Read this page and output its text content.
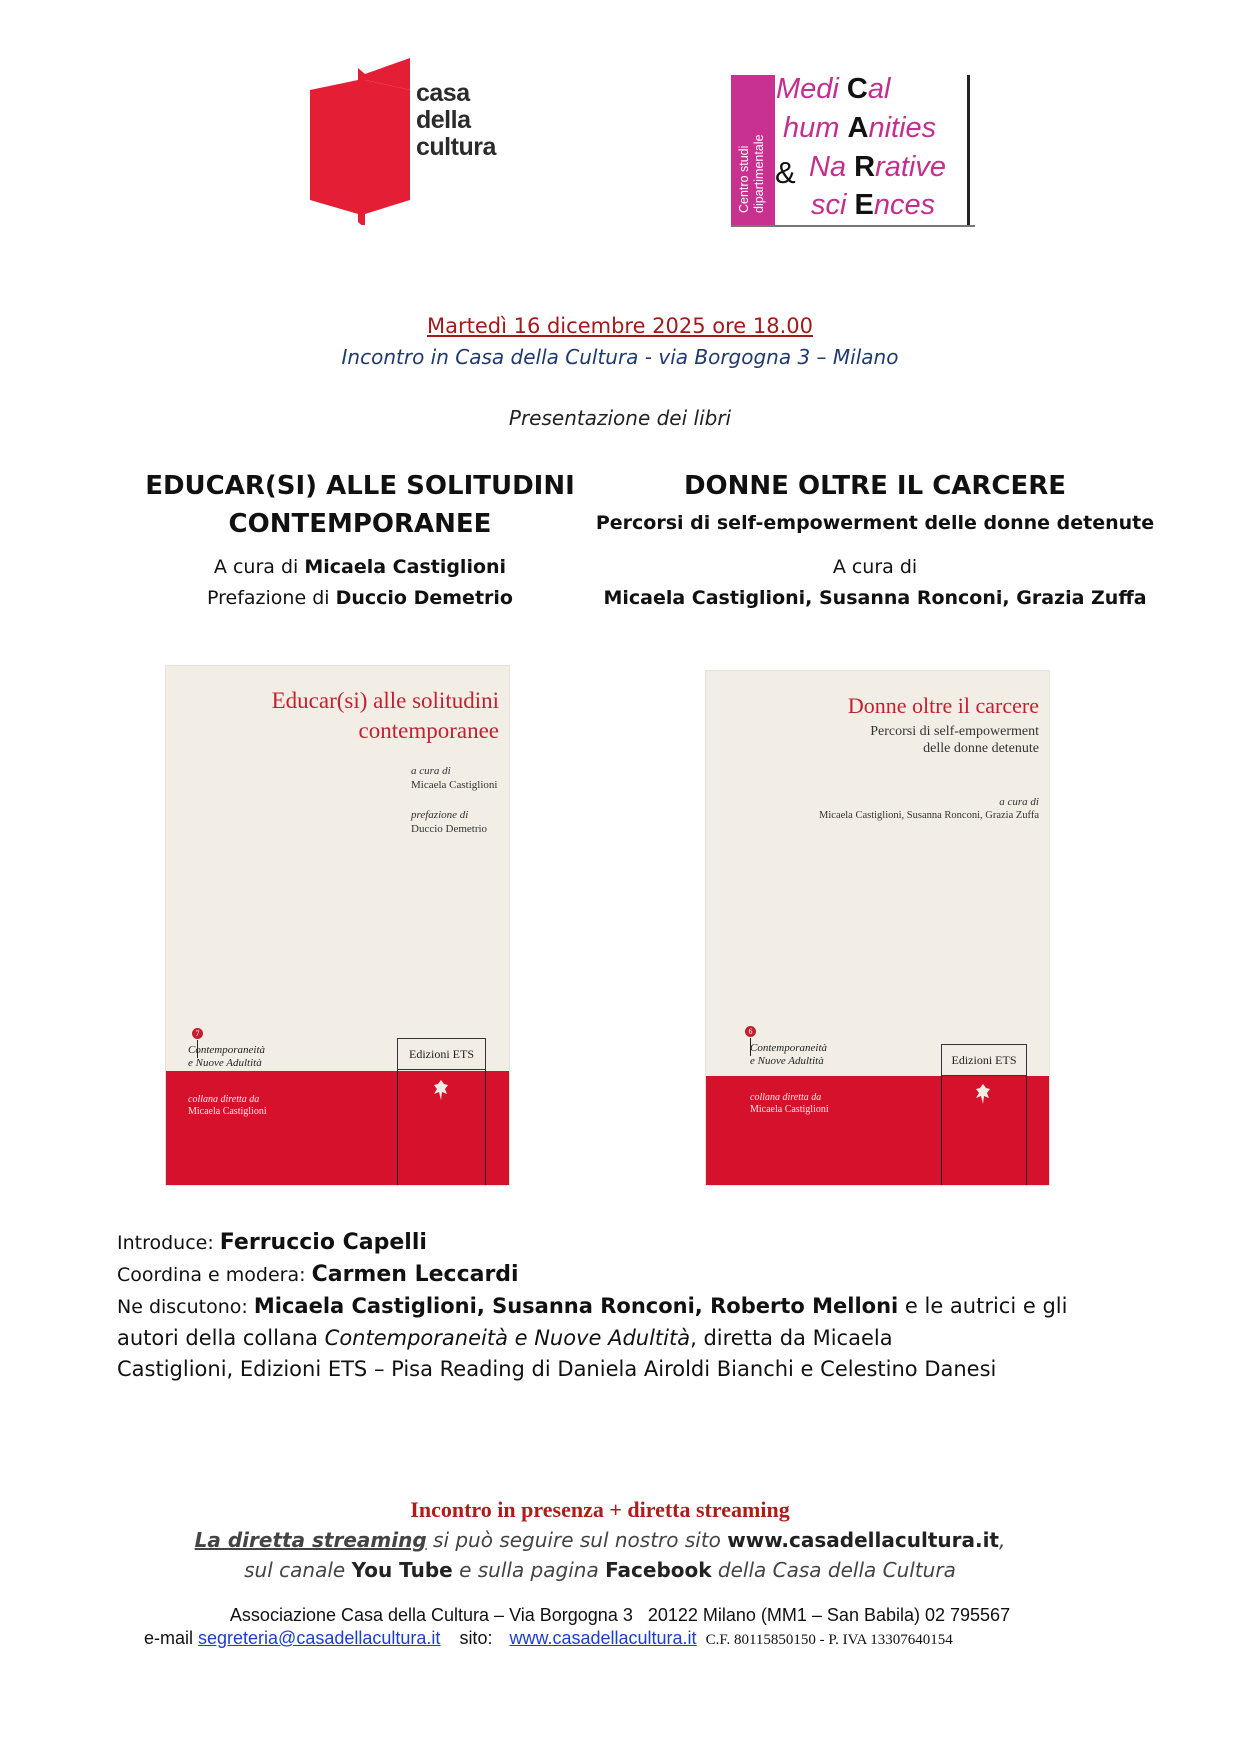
casa
della
cultura	Centro studi dipartimentale
Medi Cal
hum Anities
& Na Rrative
sci Ences
Martedì 16 dicembre 2025 ore 18.00
Incontro in Casa della Cultura - via Borgogna 3 – Milano
Presentazione dei libri
EDUCAR(SI) ALLE SOLITUDINI
CONTEMPORANEE
A cura di Micaela Castiglioni
Prefazione di Duccio Demetrio
DONNE OLTRE IL CARCERE
Percorsi di self-empowerment delle donne detenute
A cura di
Micaela Castiglioni, Susanna Ronconi, Grazia Zuffa
Educar(si) alle solitudini
contemporanee
a cura di
Micaela Castiglioni
prefazione di
Duccio Demetrio
7
Contemporaneità
e Nuove Adultità
collana diretta da
Micaela Castiglioni
Edizioni ETS
Donne oltre il carcere
Percorsi di self-empowerment
delle donne detenute
a cura di
Micaela Castiglioni, Susanna Ronconi, Grazia Zuffa
6
Contemporaneità
e Nuove Adultità
collana diretta da
Micaela Castiglioni
Edizioni ETS
Introduce: Ferruccio Capelli
Coordina e modera: Carmen Leccardi
Ne discutono: Micaela Castiglioni, Susanna Ronconi, Roberto Melloni e le autrici e gli
autori della collana Contemporaneità e Nuove Adultità, diretta da Micaela
Castiglioni, Edizioni ETS – Pisa Reading di Daniela Airoldi Bianchi e Celestino Danesi
Incontro in presenza + diretta streaming
La diretta streaming si può seguire sul nostro sito www.casadellacultura.it,
sul canale You Tube e sulla pagina Facebook della Casa della Cultura
Associazione Casa della Cultura – Via Borgogna 3   20122 Milano (MM1 – San Babila) 02 795567
e-mail segreteria@casadellacultura.it sito: www.casadellacultura.it C.F. 80115850150 - P. IVA 13307640154
